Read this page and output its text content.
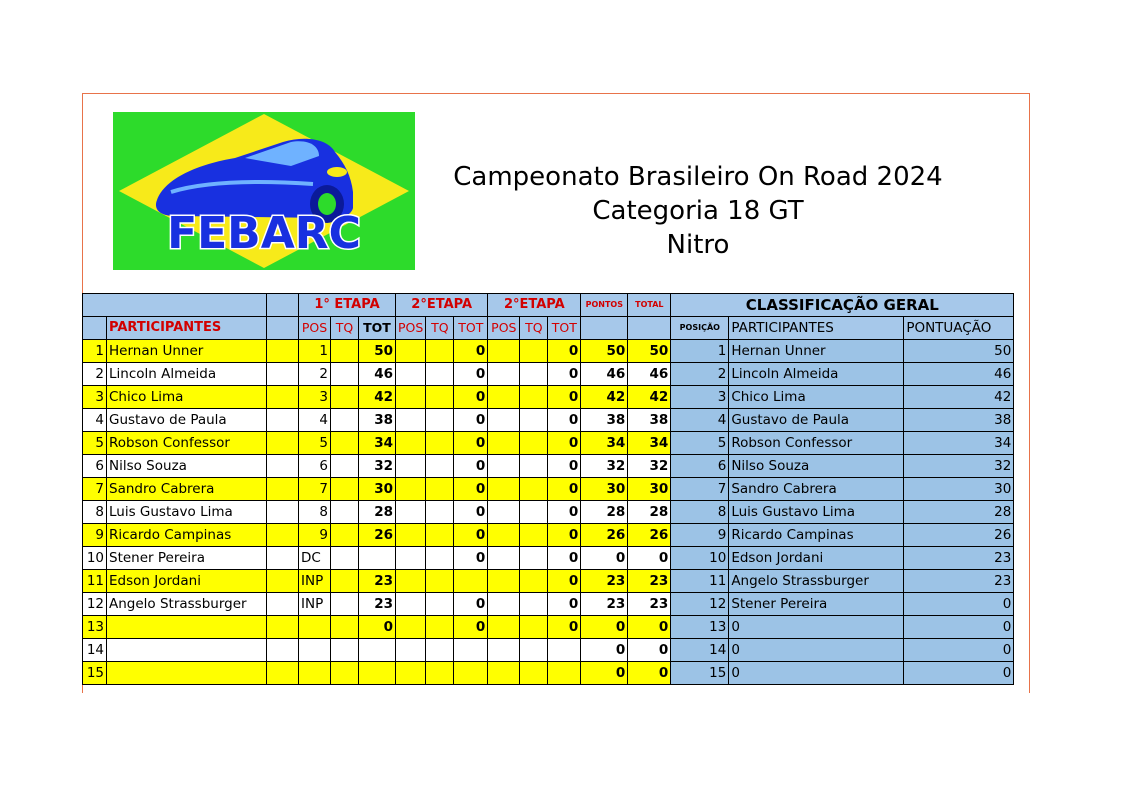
FEBARC
Campeonato Brasileiro On Road 2024
Categoria 18 GT
Nitro
			1° ETAPA			2°ETAPA			2°ETAPA			PONTOS	TOTAL	CLASSIFICAÇÃO GERAL		
	PARTICIPANTES		POS	TQ	TOT	POS	TQ	TOT	POS	TQ	TOT			POSIÇÃO	PARTICIPANTES	PONTUAÇÃO
1	Hernan Unner		1		50			0			0	50	50	1	Hernan Unner	50
2	Lincoln Almeida		2		46			0			0	46	46	2	Lincoln Almeida	46
3	Chico Lima		3		42			0			0	42	42	3	Chico Lima	42
4	Gustavo de Paula		4		38			0			0	38	38	4	Gustavo de Paula	38
5	Robson Confessor		5		34			0			0	34	34	5	Robson Confessor	34
6	Nilso Souza		6		32			0			0	32	32	6	Nilso Souza	32
7	Sandro Cabrera		7		30			0			0	30	30	7	Sandro Cabrera	30
8	Luis Gustavo Lima		8		28			0			0	28	28	8	Luis Gustavo Lima	28
9	Ricardo Campinas		9		26			0			0	26	26	9	Ricardo Campinas	26
10	Stener Pereira		DC					0			0	0	0	10	Edson Jordani	23
11	Edson Jordani		INP		23						0	23	23	11	Angelo Strassburger	23
12	Angelo Strassburger		INP		23			0			0	23	23	12	Stener Pereira	0
13					0			0			0	0	0	13	0	0
14												0	0	14	0	0
15												0	0	15	0	0
